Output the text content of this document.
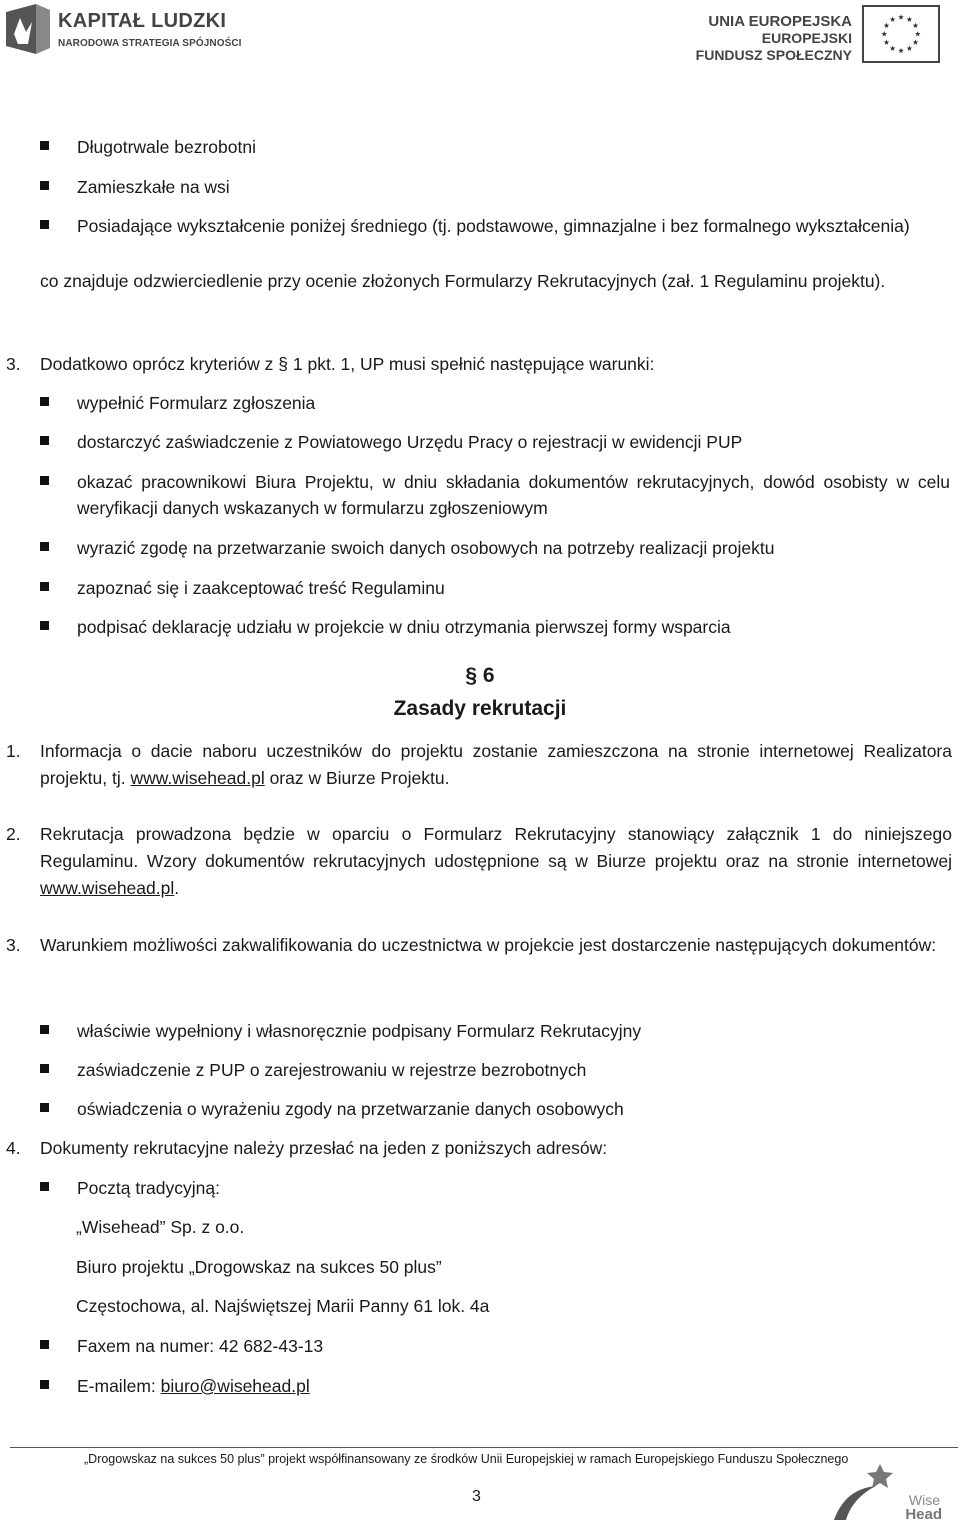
KAPITAŁ LUDZKI
NARODOWA STRATEGIA SPÓJNOŚCI
UNIA EUROPEJSKA
EUROPEJSKI
FUNDUSZ SPOŁECZNY
Długotrwale bezrobotni
Zamieszkałe na wsi
Posiadające wykształcenie poniżej średniego (tj. podstawowe, gimnazjalne i bez formalnego wykształcenia)
co znajduje odzwierciedlenie przy ocenie złożonych Formularzy Rekrutacyjnych (zał. 1 Regulaminu projektu).
3. Dodatkowo oprócz kryteriów z § 1 pkt. 1, UP musi spełnić następujące warunki:
wypełnić Formularz zgłoszenia
dostarczyć zaświadczenie z Powiatowego Urzędu Pracy o rejestracji w ewidencji PUP
okazać pracownikowi Biura Projektu, w dniu składania dokumentów rekrutacyjnych, dowód osobisty w celu weryfikacji danych wskazanych w formularzu zgłoszeniowym
wyrazić zgodę na przetwarzanie swoich danych osobowych na potrzeby realizacji projektu
zapoznać się i zaakceptować treść Regulaminu
podpisać deklarację udziału w projekcie w dniu otrzymania pierwszej formy wsparcia
§ 6
Zasady rekrutacji
1. Informacja o dacie naboru uczestników do projektu zostanie zamieszczona na stronie internetowej Realizatora projektu, tj. www.wisehead.pl oraz w Biurze Projektu.
2. Rekrutacja prowadzona będzie w oparciu o Formularz Rekrutacyjny stanowiący załącznik 1 do niniejszego Regulaminu. Wzory dokumentów rekrutacyjnych udostępnione są w Biurze projektu oraz na stronie internetowej www.wisehead.pl.
3. Warunkiem możliwości zakwalifikowania do uczestnictwa w projekcie jest dostarczenie następujących dokumentów:
właściwie wypełniony i własnoręcznie podpisany Formularz Rekrutacyjny
zaświadczenie z PUP o zarejestrowaniu w rejestrze bezrobotnych
oświadczenia o wyrażeniu zgody na przetwarzanie danych osobowych
4. Dokumenty rekrutacyjne należy przesłać na jeden z poniższych adresów:
Pocztą tradycyjną:
„Wisehead” Sp. z o.o.
Biuro projektu „Drogowskaz na sukces 50 plus”
Częstochowa, al. Najświętszej Marii Panny 61 lok. 4a
Faxem na numer: 42 682-43-13
E-mailem: biuro@wisehead.pl
„Drogowskaz na sukces 50 plus” projekt współfinansowany ze środków Unii Europejskiej w ramach Europejskiego Funduszu Społecznego
3	Wise
Head
